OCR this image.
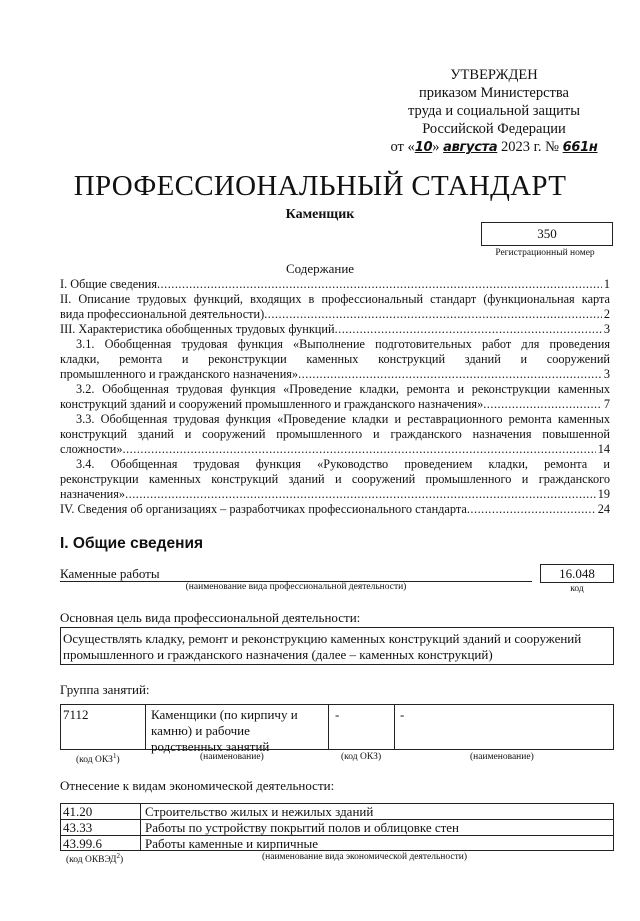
УТВЕРЖДЕН
приказом Министерства
труда и социальной защиты
Российской Федерации
от «10» августа 2023 г. № 661н
ПРОФЕССИОНАЛЬНЫЙ СТАНДАРТ
Каменщик
350
Регистрационный номер
Содержание
I. Общие сведения .....	1
II. Описание трудовых функций, входящих в профессиональный стандарт (функциональная карта
вида профессиональной деятельности) .....	2
III. Характеристика обобщенных трудовых функций .....	3
3.1. Обобщенная трудовая функция «Выполнение подготовительных работ для проведения
кладки, ремонта и реконструкции каменных конструкций зданий и сооружений
промышленного и гражданского назначения» .....	3
3.2. Обобщенная трудовая функция «Проведение кладки, ремонта и реконструкции каменных
конструкций зданий и сооружений промышленного и гражданского назначения» .....	7
3.3. Обобщенная трудовая функция «Проведение кладки и реставрационного ремонта каменных
конструкций зданий и сооружений промышленного и гражданского назначения повышенной
сложности» .....	14
3.4. Обобщенная трудовая функция «Руководство проведением кладки, ремонта и
реконструкции каменных конструкций зданий и сооружений промышленного и гражданского
назначения» .....	19
IV. Сведения об организациях – разработчиках профессионального стандарта .....	24
I. Общие сведения
Каменные работы
(наименование вида профессиональной деятельности)
16.048
код
Основная цель вида профессиональной деятельности:
Осуществлять кладку, ремонт и реконструкцию каменных конструкций зданий и сооружений
промышленного и гражданского назначения (далее – каменных конструкций)
Группа занятий:
7112	Каменщики (по кирпичу и
камню) и рабочие
родственных занятий
-	-
(код ОКЗ$^1$)	(наименование)	(код ОКЗ)	(наименование)
Отнесение к видам экономической деятельности:
41.20	Строительство жилых и нежилых зданий
43.33	Работы по устройству покрытий полов и облицовке стен
43.99.6	Работы каменные и кирпичные
(код ОКВЭД$^2$)	(наименование вида экономической деятельности)
